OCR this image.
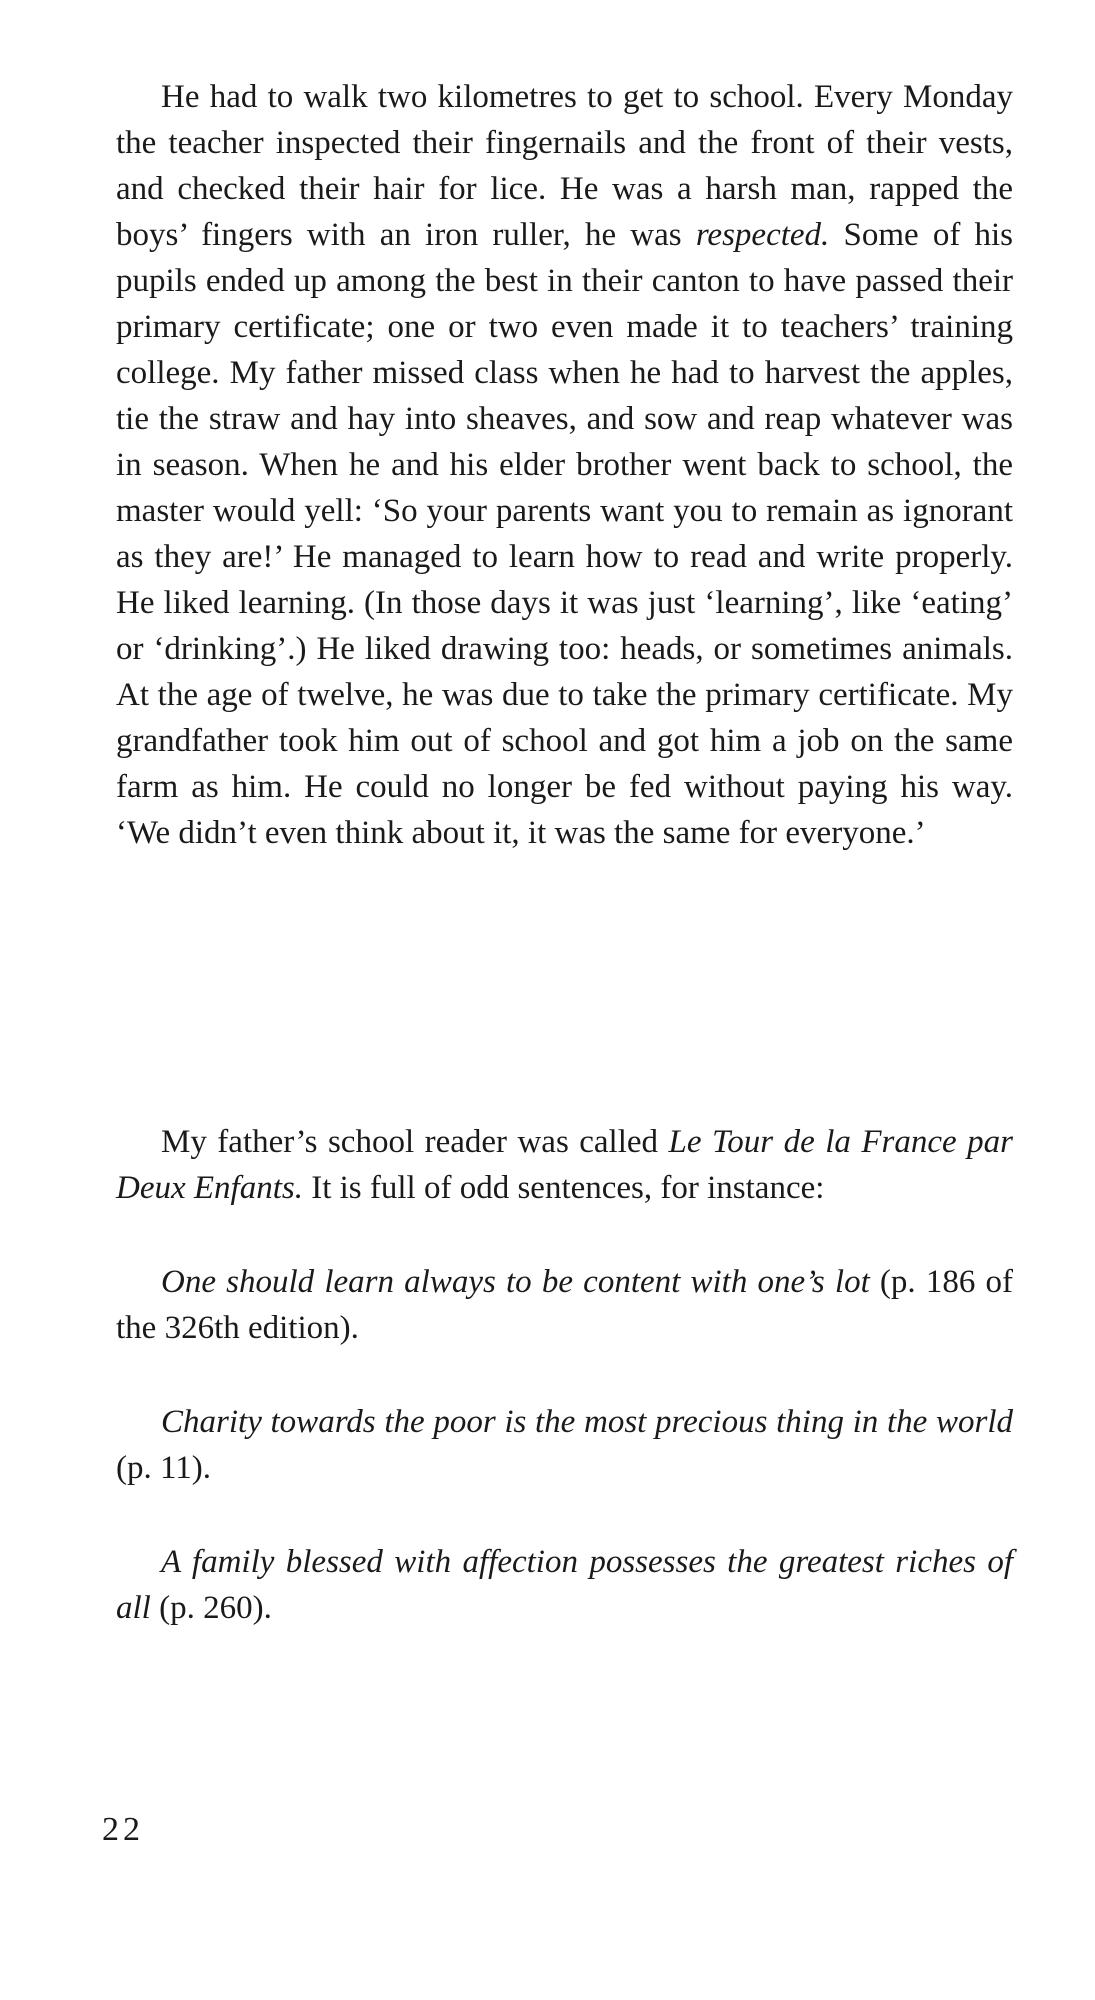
He had to walk two kilometres to get to school. Every Monday the teacher inspected their fingernails and the front of their vests, and checked their hair for lice. He was a harsh man, rapped the boys’ fingers with an iron ruller, he was respected. Some of his pupils ended up among the best in their canton to have passed their primary certificate; one or two even made it to teachers’ training college. My father missed class when he had to harvest the apples, tie the straw and hay into sheaves, and sow and reap whatever was in season. When he and his elder brother went back to school, the master would yell: ‘So your parents want you to remain as ignorant as they are!’ He managed to learn how to read and write properly. He liked learning. (In those days it was just ‘learning’, like ‘eating’ or ‘drinking’.) He liked drawing too: heads, or sometimes animals. At the age of twelve, he was due to take the primary certificate. My grandfather took him out of school and got him a job on the same farm as him. He could no longer be fed without paying his way. ‘We didn’t even think about it, it was the same for everyone.’

My father’s school reader was called Le Tour de la France par Deux Enfants. It is full of odd sentences, for instance:

One should learn always to be content with one’s lot (p. 186 of the 326th edition).

Charity towards the poor is the most precious thing in the world (p. 11).

A family blessed with affection possesses the greatest riches of all (p. 260).

22
